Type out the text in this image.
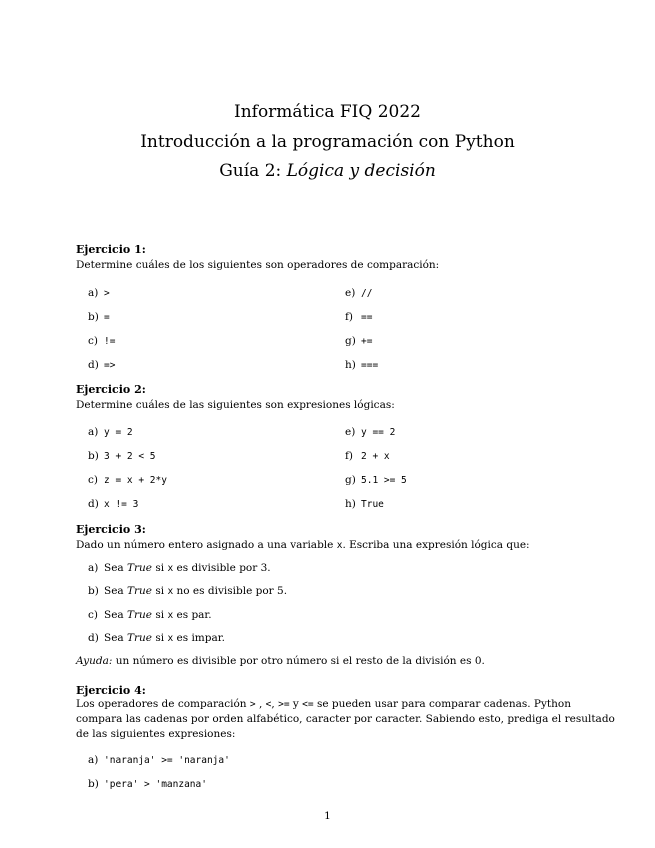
Informática FIQ 2022
Introducción a la programación con Python
Guía 2: Lógica y decisión
Ejercicio 1:
Determine cuáles de los siguientes son operadores de comparación:
a) >
b) =
c) !=
d) =>
e) //
f) ==
g) +=
h) ===
Ejercicio 2:
Determine cuáles de las siguientes son expresiones lógicas:
a) y = 2
b) 3 + 2 < 5
c) z = x + 2*y
d) x != 3
e) y == 2
f) 2 + x
g) 5.1 >= 5
h) True
Ejercicio 3:
Dado un número entero asignado a una variable x. Escriba una expresión lógica que:
a) Sea True si x es divisible por 3.
b) Sea True si x no es divisible por 5.
c) Sea True si x es par.
d) Sea True si x es impar.
Ayuda: un número es divisible por otro número si el resto de la división es 0.
Ejercicio 4:
Los operadores de comparación > , <, >= y <= se pueden usar para comparar cadenas. Python
compara las cadenas por orden alfabético, caracter por caracter. Sabiendo esto, prediga el resultado
de las siguientes expresiones:
a) 'naranja' >= 'naranja'
b) 'pera' > 'manzana'
1
